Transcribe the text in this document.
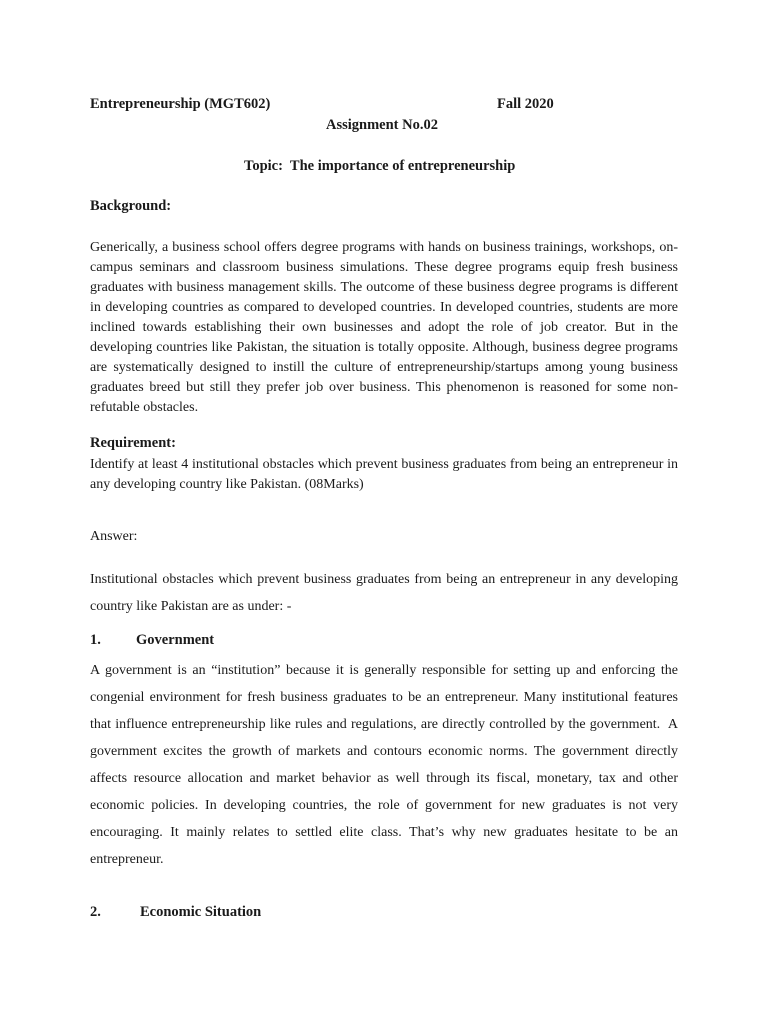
Entrepreneurship (MGT602)	Fall 2020
Assignment No.02
Topic:  The importance of entrepreneurship
Background:
Generically, a business school offers degree programs with hands on business trainings, workshops, on-campus seminars and classroom business simulations. These degree programs equip fresh business graduates with business management skills. The outcome of these business degree programs is different in developing countries as compared to developed countries. In developed countries, students are more inclined towards establishing their own businesses and adopt the role of job creator. But in the developing countries like Pakistan, the situation is totally opposite. Although, business degree programs are systematically designed to instill the culture of entrepreneurship/startups among young business graduates breed but still they prefer job over business. This phenomenon is reasoned for some non-refutable obstacles.
Requirement:
Identify at least 4 institutional obstacles which prevent business graduates from being an entrepreneur in any developing country like Pakistan. (08Marks)
Answer:
Institutional obstacles which prevent business graduates from being an entrepreneur in any developing country like Pakistan are as under: -
1. Government
A government is an “institution” because it is generally responsible for setting up and enforcing the congenial environment for fresh business graduates to be an entrepreneur. Many institutional features that influence entrepreneurship like rules and regulations, are directly controlled by the government.  A government excites the growth of markets and contours economic norms. The government directly affects resource allocation and market behavior as well through its fiscal, monetary, tax and other economic policies. In developing countries, the role of government for new graduates is not very encouraging. It mainly relates to settled elite class. That’s why new graduates hesitate to be an entrepreneur.
2.	Economic Situation
